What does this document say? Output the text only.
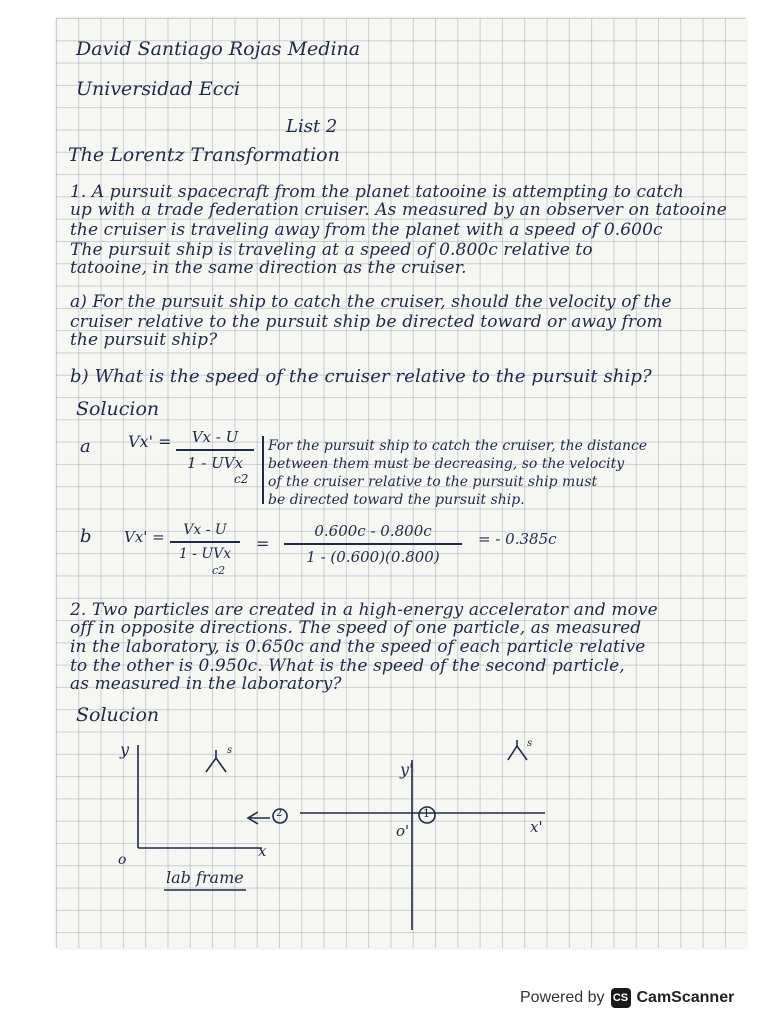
David Santiago Rojas Medina
Universidad Ecci
List 2
The Lorentz Transformation
1. A pursuit spacecraft from the planet tatooine is attempting to catch
up with a trade federation cruiser. As measured by an observer on tatooine
the cruiser is traveling away from the planet with a speed of 0.600c
The pursuit ship is traveling at a speed of 0.800c relative to
tatooine, in the same direction as the cruiser.
a) For the pursuit ship to catch the cruiser, should the velocity of the
cruiser relative to the pursuit ship be directed toward or away from
the pursuit ship?
b) What is the speed of the cruiser relative to the pursuit ship?
Solucion
a Vx' =	Vx - U
1 - UVx
c2
For the pursuit ship to catch the cruiser, the distance
between them must be decreasing, so the velocity
of the cruiser relative to the pursuit ship must
be directed toward the pursuit ship.
b Vx' =	Vx - U
1 - UVx
c2
=
0.600c - 0.800c
1 - (0.600)(0.800)
= - 0.385c
2. Two particles are created in a high-energy accelerator and move
off in opposite directions. The speed of one particle, as measured
in the laboratory, is 0.650c and the speed of each particle relative
to the other is 0.950c. What is the speed of the second particle,
as measured in the laboratory?
Solucion
y
o	x
lab frame
s
2
y'
o'	x'
s
1
Powered by CS CamScanner
